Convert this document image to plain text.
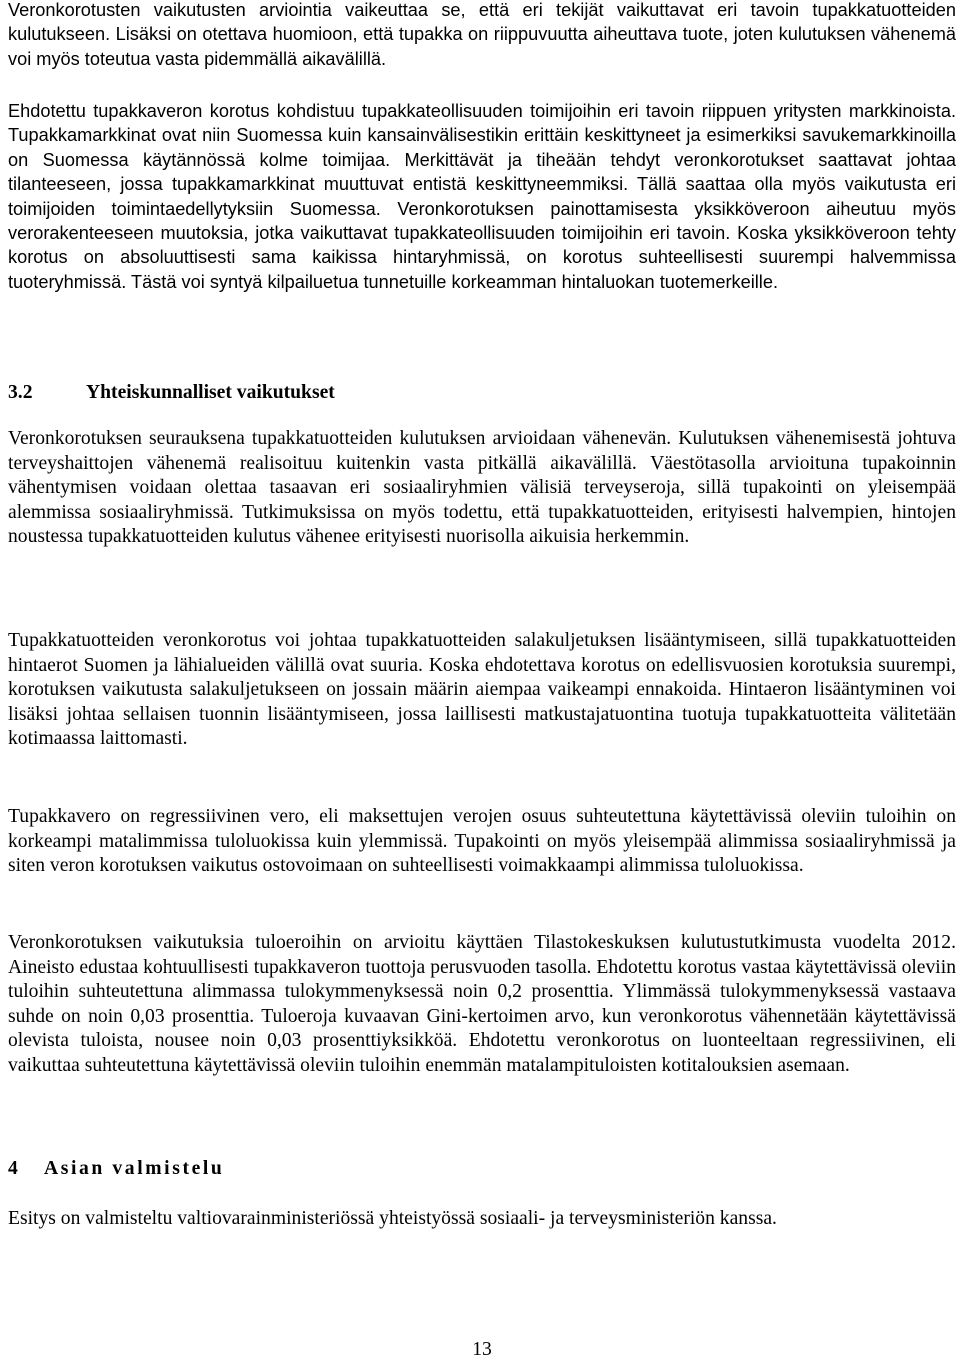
Veronkorotusten vaikutusten arviointia vaikeuttaa se, että eri tekijät vaikuttavat eri tavoin tupakkatuotteiden kulutukseen. Lisäksi on otettava huomioon, että tupakka on riippuvuutta aiheuttava tuote, joten kulutuksen vähenemä voi myös toteutua vasta pidemmällä aikavälillä.

Ehdotettu tupakkaveron korotus kohdistuu tupakkateollisuuden toimijoihin eri tavoin riippuen yritysten markkinoista. Tupakkamarkkinat ovat niin Suomessa kuin kansainvälisestikin erittäin keskittyneet ja esimerkiksi savukemarkkinoilla on Suomessa käytännössä kolme toimijaa. Merkittävät ja tiheään tehdyt veronkorotukset saattavat johtaa tilanteeseen, jossa tupakkamarkkinat muuttuvat entistä keskittyneemmiksi. Tällä saattaa olla myös vaikutusta eri toimijoiden toimintaedellytyksiin Suomessa. Veronkorotuksen painottamisesta yksikköveroon aiheutuu myös verorakenteeseen muutoksia, jotka vaikuttavat tupakkateollisuuden toimijoihin eri tavoin. Koska yksikköveroon tehty korotus on absoluuttisesti sama kaikissa hintaryhmissä, on korotus suhteellisesti suurempi halvemmissa tuoteryhmissä. Tästä voi syntyä kilpailuetua tunnetuille korkeamman hintaluokan tuotemerkeille.

3.2	Yhteiskunnalliset vaikutukset

Veronkorotuksen seurauksena tupakkatuotteiden kulutuksen arvioidaan vähenevän. Kulutuksen vähenemisestä johtuva terveyshaittojen vähenemä realisoituu kuitenkin vasta pitkällä aikavälillä. Väestötasolla arvioituna tupakoinnin vähentymisen voidaan olettaa tasaavan eri sosiaaliryhmien välisiä terveyseroja, sillä tupakointi on yleisempää alemmissa sosiaaliryhmissä. Tutkimuksissa on myös todettu, että tupakkatuotteiden, erityisesti halvempien, hintojen noustessa tupakkatuotteiden kulutus vähenee erityisesti nuorisolla aikuisia herkemmin.

Tupakkatuotteiden veronkorotus voi johtaa tupakkatuotteiden salakuljetuksen lisääntymiseen, sillä tupakkatuotteiden hintaerot Suomen ja lähialueiden välillä ovat suuria. Koska ehdotettava korotus on edellisvuosien korotuksia suurempi, korotuksen vaikutusta salakuljetukseen on jossain määrin aiempaa vaikeampi ennakoida. Hintaeron lisääntyminen voi lisäksi johtaa sellaisen tuonnin lisääntymiseen, jossa laillisesti matkustajatuontina tuotuja tupakkatuotteita välitetään kotimaassa laittomasti.

Tupakkavero on regressiivinen vero, eli maksettujen verojen osuus suhteutettuna käytettävissä oleviin tuloihin on korkeampi matalimmissa tuloluokissa kuin ylemmissä. Tupakointi on myös yleisempää alimmissa sosiaaliryhmissä ja siten veron korotuksen vaikutus ostovoimaan on suhteellisesti voimakkaampi alimmissa tuloluokissa.

Veronkorotuksen vaikutuksia tuloeroihin on arvioitu käyttäen Tilastokeskuksen kulutustutkimusta vuodelta 2012. Aineisto edustaa kohtuullisesti tupakkaveron tuottoja perusvuoden tasolla. Ehdotettu korotus vastaa käytettävissä oleviin tuloihin suhteutettuna alimmassa tulokymmenyksessä noin 0,2 prosenttia. Ylimmässä tulokymmenyksessä vastaava suhde on noin 0,03 prosenttia. Tuloeroja kuvaavan Gini-kertoimen arvo, kun veronkorotus vähennetään käytettävissä olevista tuloista, nousee noin 0,03 prosenttiyksikköä. Ehdotettu veronkorotus on luonteeltaan regressiivinen, eli vaikuttaa suhteutettuna käytettävissä oleviin tuloihin enemmän matalampituloisten kotitalouksien asemaan.

4 Asian valmistelu

Esitys on valmisteltu valtiovarainministeriössä yhteistyössä sosiaali- ja terveysministeriön kanssa.

13
